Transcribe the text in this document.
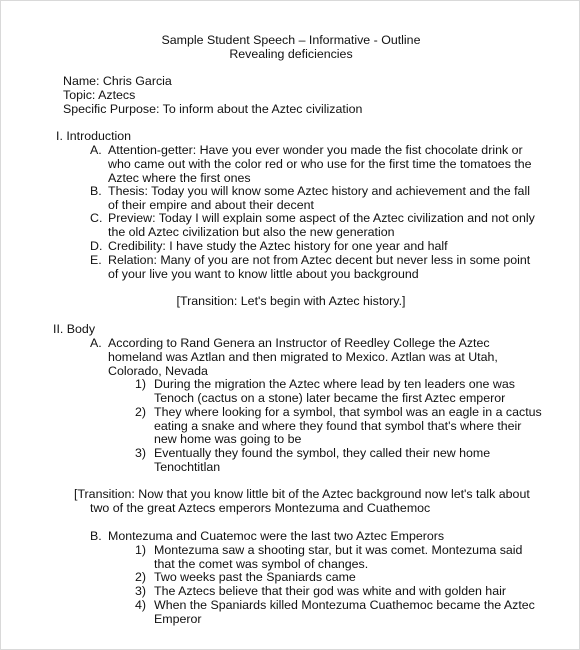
Sample Student Speech – Informative - Outline
Revealing deficiencies
Name: Chris Garcia
Topic: Aztecs
Specific Purpose: To inform about the Aztec civilization
I. Introduction
A. Attention-getter: Have you ever wonder you made the fist chocolate drink or
who came out with the color red or who use for the first time the tomatoes the
Aztec where the first ones
B. Thesis: Today you will know some Aztec history and achievement and the fall
of their empire and about their decent
C. Preview: Today I will explain some aspect of the Aztec civilization and not only
the old Aztec civilization but also the new generation
D. Credibility: I have study the Aztec history for one year and half
E. Relation: Many of you are not from Aztec decent but never less in some point
of your live you want to know little about you background
[Transition: Let's begin with Aztec history.]
II. Body
A. According to Rand Genera an Instructor of Reedley College the Aztec
homeland was Aztlan and then migrated to Mexico. Aztlan was at Utah,
Colorado, Nevada
1) During the migration the Aztec where lead by ten leaders one was
Tenoch (cactus on a stone) later became the first Aztec emperor
2) They where looking for a symbol, that symbol was an eagle in a cactus
eating a snake and where they found that symbol that's where their
new home was going to be
3) Eventually they found the symbol, they called their new home
Tenochtitlan
[Transition: Now that you know little bit of the Aztec background now let's talk about
two of the great Aztecs emperors Montezuma and Cuathemoc
B. Montezuma and Cuatemoc were the last two Aztec Emperors
1) Montezuma saw a shooting star, but it was comet. Montezuma said
that the comet was symbol of changes.
2) Two weeks past the Spaniards came
3) The Aztecs believe that their god was white and with golden hair
4) When the Spaniards killed Montezuma Cuathemoc became the Aztec
Emperor
